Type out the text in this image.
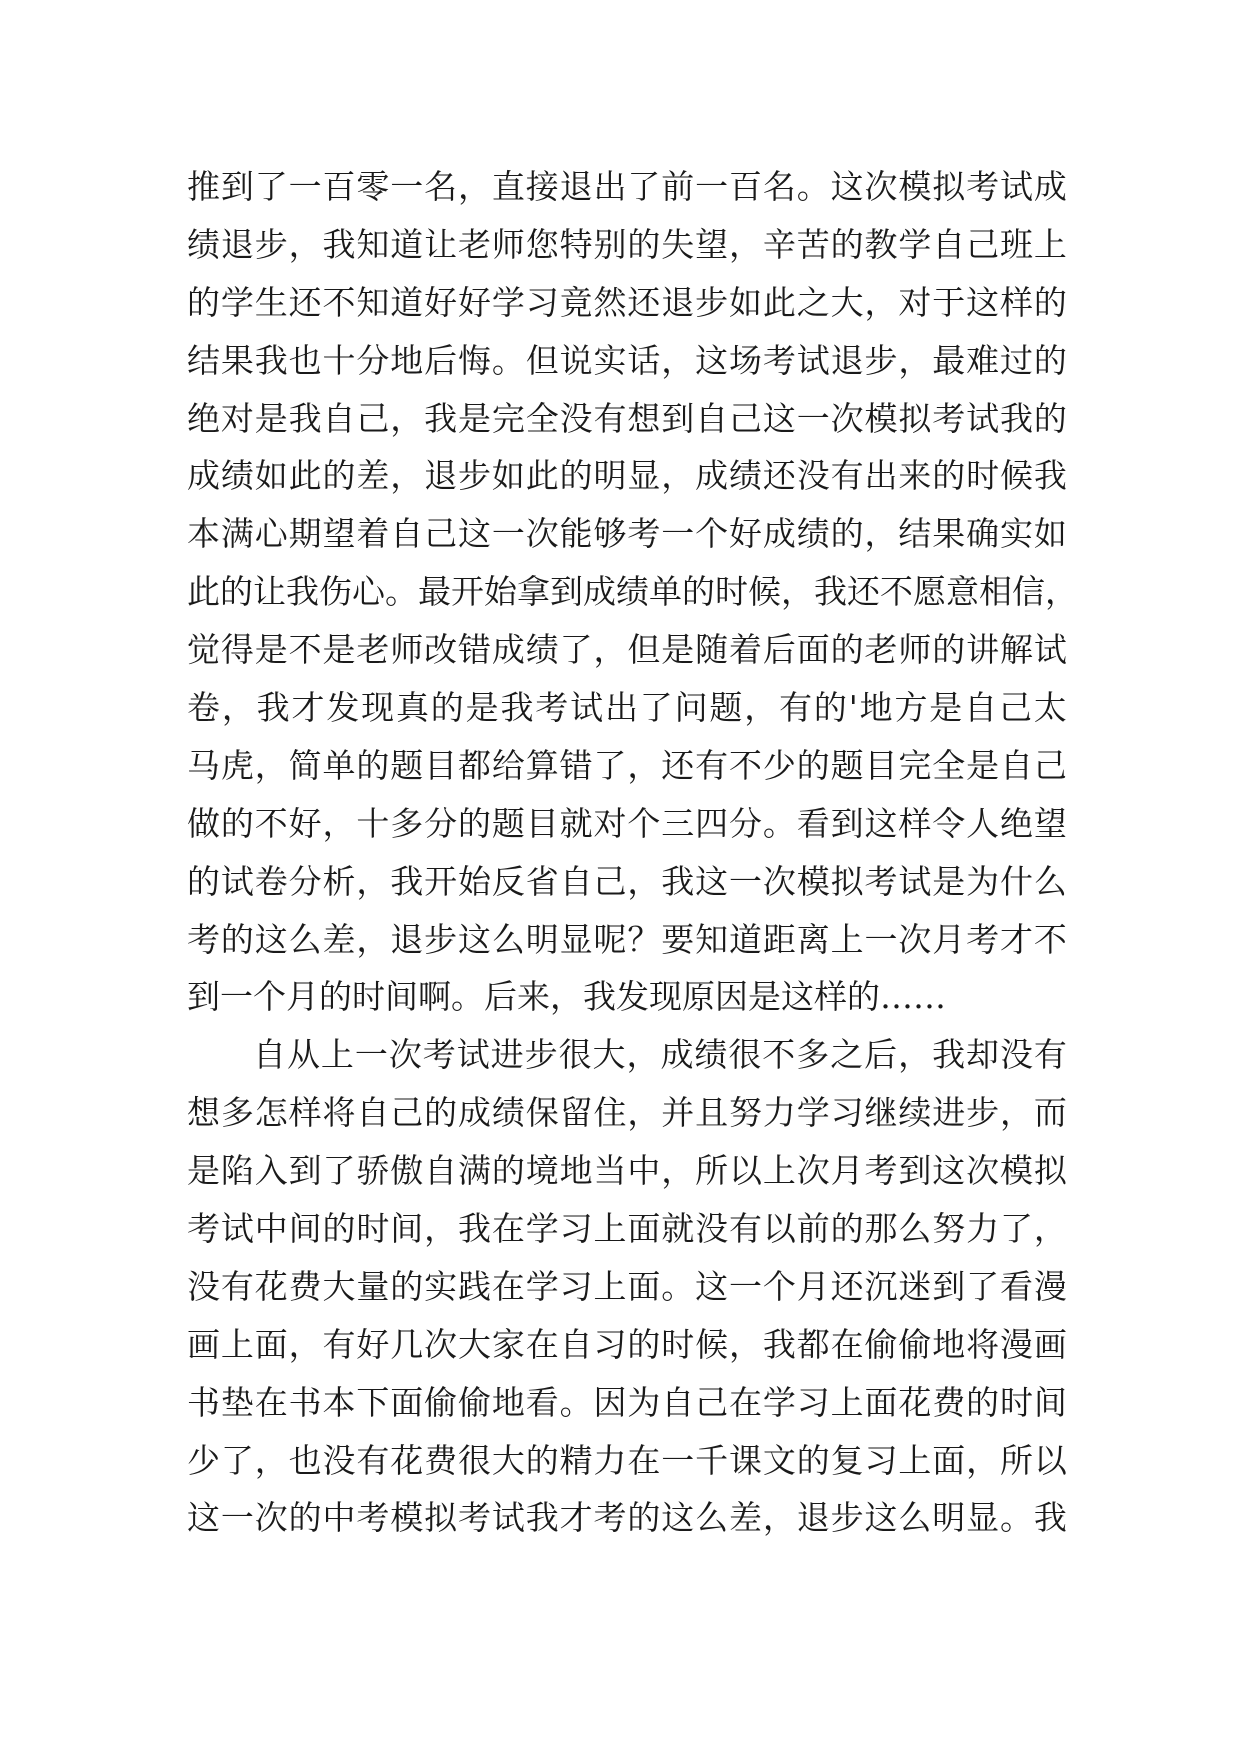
推 到 了 一 百 零 一 名 ， 直 接 退 出 了 前 一 百 名 。 这 次 模 拟 考 试 成
绩 退 步 ， 我 知 道 让 老 师 您 特 别 的 失 望 ， 辛 苦 的 教 学 自 己 班 上
的 学 生 还 不 知 道 好 好 学 习 竟 然 还 退 步 如 此 之 大 ， 对 于 这 样 的
结 果 我 也 十 分 地 后 悔 。 但 说 实 话 ， 这 场 考 试 退 步 ， 最 难 过 的
绝 对 是 我 自 己 ， 我 是 完 全 没 有 想 到 自 己 这 一 次 模 拟 考 试 我 的
成 绩 如 此 的 差 ， 退 步 如 此 的 明 显 ， 成 绩 还 没 有 出 来 的 时 候 我
本 满 心 期 望 着 自 己 这 一 次 能 够 考 一 个 好 成 绩 的 ， 结 果 确 实 如
此 的 让 我 伤 心 。 最 开 始 拿 到 成 绩 单 的 时 候 ， 我 还 不 愿 意 相 信 ，
觉 得 是 不 是 老 师 改 错 成 绩 了 ， 但 是 随 着 后 面 的 老 师 的 讲 解 试
卷 ， 我 才 发 现 真 的 是 我 考 试 出 了 问 题 ， 有 的 ' 地 方 是 自 己 太
马 虎 ， 简 单 的 题 目 都 给 算 错 了 ， 还 有 不 少 的 题 目 完 全 是 自 己
做 的 不 好 ， 十 多 分 的 题 目 就 对 个 三 四 分 。 看 到 这 样 令 人 绝 望
的 试 卷 分 析 ， 我 开 始 反 省 自 己 ， 我 这 一 次 模 拟 考 试 是 为 什 么
考 的 这 么 差 ， 退 步 这 么 明 显 呢 ？ 要 知 道 距 离 上 一 次 月 考 才 不
到一个月的时间啊。后来，我发现原因是这样的……
自 从 上 一 次 考 试 进 步 很 大 ， 成 绩 很 不 多 之 后 ， 我 却 没 有
想 多 怎 样 将 自 己 的 成 绩 保 留 住 ， 并 且 努 力 学 习 继 续 进 步 ， 而
是 陷 入 到 了 骄 傲 自 满 的 境 地 当 中 ， 所 以 上 次 月 考 到 这 次 模 拟
考 试 中 间 的 时 间 ， 我 在 学 习 上 面 就 没 有 以 前 的 那 么 努 力 了 ，
没 有 花 费 大 量 的 实 践 在 学 习 上 面 。 这 一 个 月 还 沉 迷 到 了 看 漫
画 上 面 ， 有 好 几 次 大 家 在 自 习 的 时 候 ， 我 都 在 偷 偷 地 将 漫 画
书 垫 在 书 本 下 面 偷 偷 地 看 。 因 为 自 己 在 学 习 上 面 花 费 的 时 间
少 了 ， 也 没 有 花 费 很 大 的 精 力 在 一 千 课 文 的 复 习 上 面 ， 所 以
这 一 次 的 中 考 模 拟 考 试 我 才 考 的 这 么 差 ， 退 步 这 么 明 显 。 我
